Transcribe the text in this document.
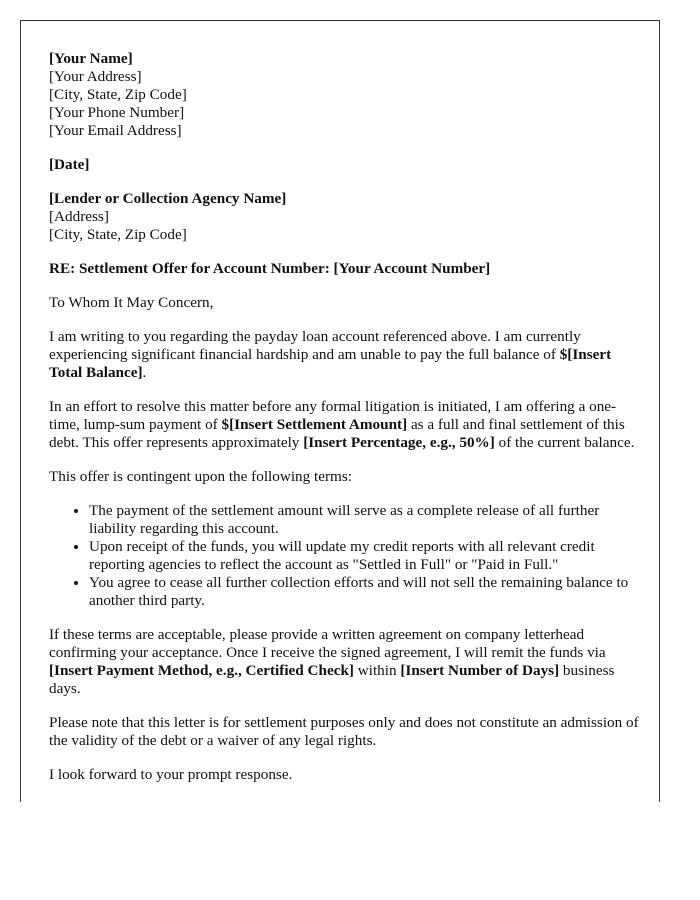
[Your Name]
[Your Address]
[City, State, Zip Code]
[Your Phone Number]
[Your Email Address]
[Date]
[Lender or Collection Agency Name]
[Address]
[City, State, Zip Code]

RE: Settlement Offer for Account Number: [Your Account Number]

To Whom It May Concern,

I am writing to you regarding the payday loan account referenced above. I am currently experiencing significant financial hardship and am unable to pay the full balance of $[Insert Total Balance].

In an effort to resolve this matter before any formal litigation is initiated, I am offering a one-time, lump-sum payment of $[Insert Settlement Amount] as a full and final settlement of this debt. This offer represents approximately [Insert Percentage, e.g., 50%] of the current balance.

This offer is contingent upon the following terms:

• The payment of the settlement amount will serve as a complete release of all further liability regarding this account.
• Upon receipt of the funds, you will update my credit reports with all relevant credit reporting agencies to reflect the account as "Settled in Full" or "Paid in Full."
• You agree to cease all further collection efforts and will not sell the remaining balance to another third party.

If these terms are acceptable, please provide a written agreement on company letterhead confirming your acceptance. Once I receive the signed agreement, I will remit the funds via [Insert Payment Method, e.g., Certified Check] within [Insert Number of Days] business days.

Please note that this letter is for settlement purposes only and does not constitute an admission of the validity of the debt or a waiver of any legal rights.

I look forward to your prompt response.
